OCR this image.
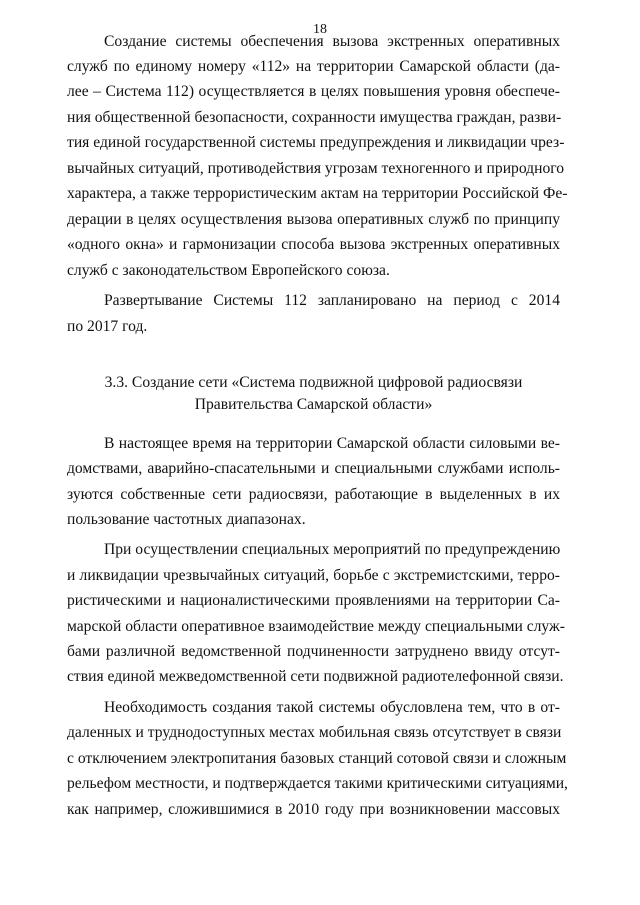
18

Создание системы обеспечения вызова экстренных оперативных

служб по единому номеру «112» на территории Самарской области (да-

лее – Система 112) осуществляется в целях повышения уровня обеспече-

ния общественной безопасности, сохранности имущества граждан, разви-

тия единой государственной системы предупреждения и ликвидации чрез-

вычайных ситуаций, противодействия угрозам техногенного и природного

характера, а также террористическим актам на территории Российской Фе-

дерации в целях осуществления вызова оперативных служб по принципу

«одного окна» и гармонизации способа вызова экстренных оперативных

служб с законодательством Европейского союза.

Развертывание Системы 112 запланировано на период с 2014

по 2017 год.

3.3. Создание сети «Система подвижной цифровой радиосвязи

Правительства Самарской области»

В настоящее время на территории Самарской области силовыми ве-

домствами, аварийно-спасательными и специальными службами исполь-

зуются собственные сети радиосвязи, работающие в выделенных в их

пользование частотных диапазонах.

При осуществлении специальных мероприятий по предупреждению

и ликвидации чрезвычайных ситуаций, борьбе с экстремистскими, терро-

ристическими и националистическими проявлениями на территории Са-

марской области оперативное взаимодействие между специальными служ-

бами различной ведомственной подчиненности затруднено ввиду отсут-

ствия единой межведомственной сети подвижной радиотелефонной связи.

Необходимость создания такой системы обусловлена тем, что в от-

даленных и труднодоступных местах мобильная связь отсутствует в связи

с отключением электропитания базовых станций сотовой связи и сложным

рельефом местности, и подтверждается такими критическими ситуациями,

как например, сложившимися в 2010 году при возникновении массовых
